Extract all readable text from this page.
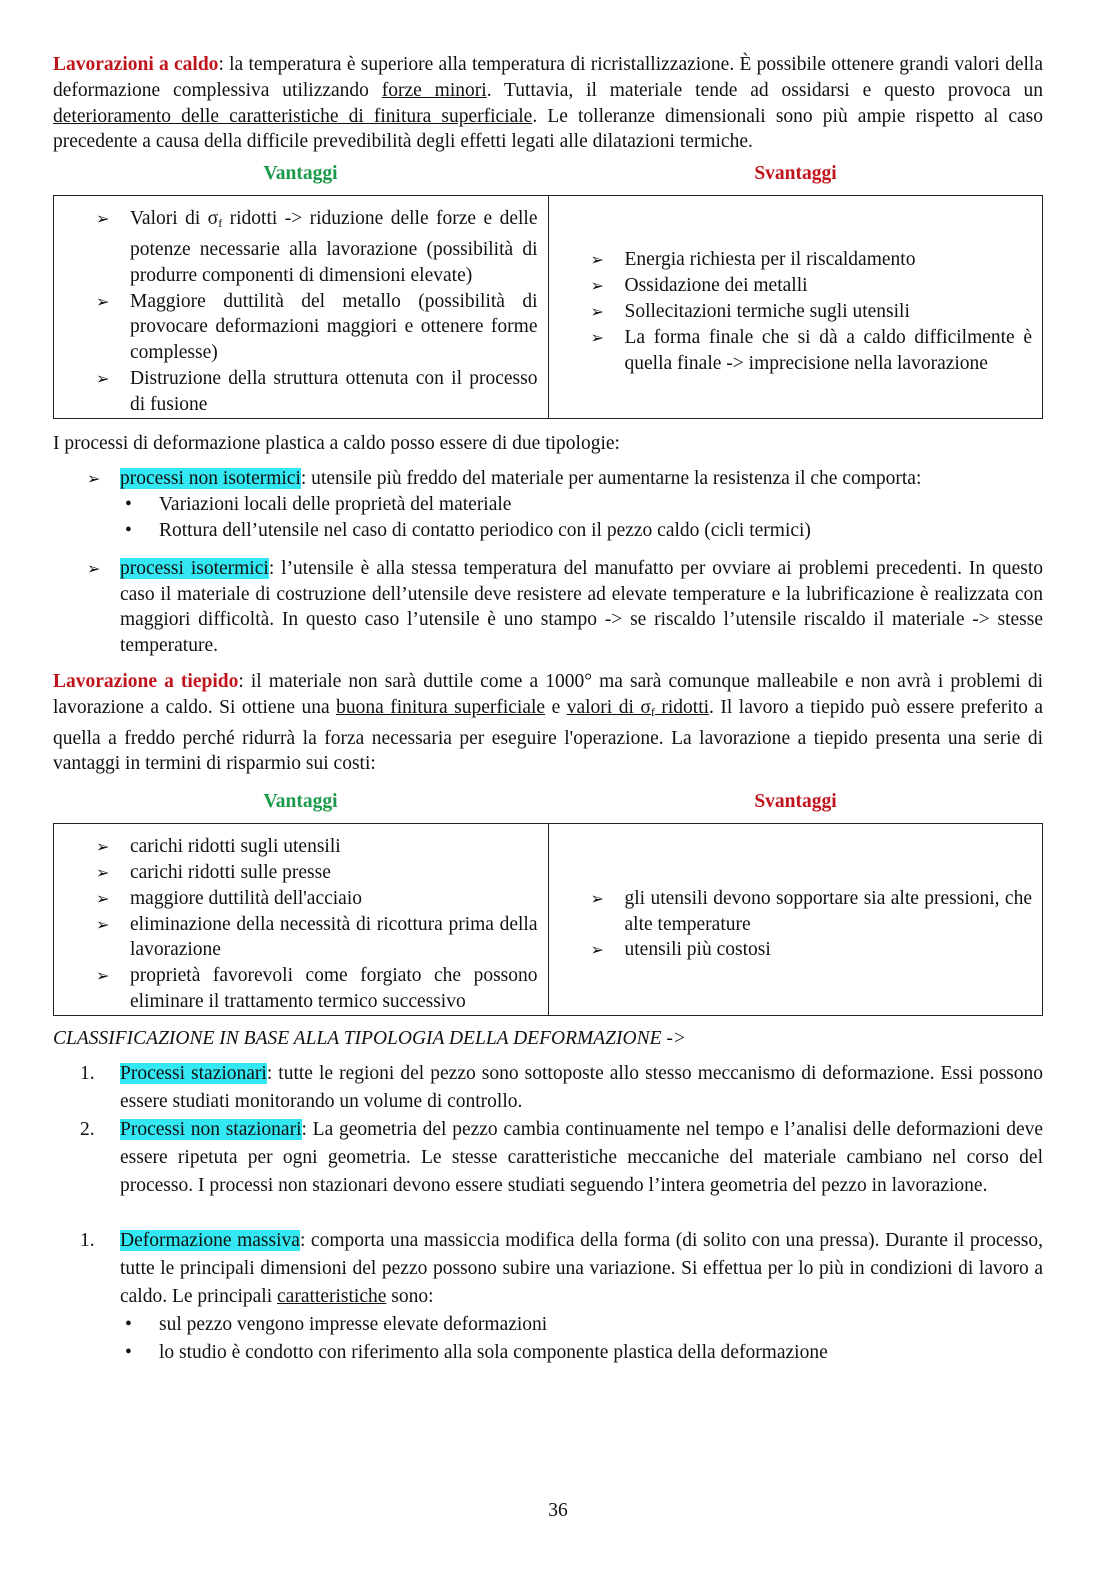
Lavorazioni a caldo: la temperatura è superiore alla temperatura di ricristallizzazione. È possibile ottenere grandi valori della deformazione complessiva utilizzando forze minori. Tuttavia, il materiale tende ad ossidarsi e questo provoca un deterioramento delle caratteristiche di finitura superficiale. Le tolleranze dimensionali sono più ampie rispetto al caso precedente a causa della difficile prevedibilità degli effetti legati alle dilatazioni termiche.

Vantaggi	Svantaggi
➢ Valori di $\sigma_f$ ridotti -> riduzione delle forze e delle potenze necessarie alla lavorazione (possibilità di produrre componenti di dimensioni elevate)
➢ Maggiore duttilità del metallo (possibilità di provocare deformazioni maggiori e ottenere forme complesse)
➢ Distruzione della struttura ottenuta con il processo di fusione

➢ Energia richiesta per il riscaldamento
➢ Ossidazione dei metalli
➢ Sollecitazioni termiche sugli utensili
➢ La forma finale che si dà a caldo difficilmente è quella finale -> imprecisione nella lavorazione

I processi di deformazione plastica a caldo posso essere di due tipologie:

➢ processi non isotermici: utensile più freddo del materiale per aumentarne la resistenza il che comporta:
• Variazioni locali delle proprietà del materiale
• Rottura dell’utensile nel caso di contatto periodico con il pezzo caldo (cicli termici)
➢ processi isotermici: l’utensile è alla stessa temperatura del manufatto per ovviare ai problemi precedenti. In questo caso il materiale di costruzione dell’utensile deve resistere ad elevate temperature e la lubrificazione è realizzata con maggiori difficoltà. In questo caso l’utensile è uno stampo -> se riscaldo l’utensile riscaldo il materiale -> stesse temperature.

Lavorazione a tiepido: il materiale non sarà duttile come a 1000° ma sarà comunque malleabile e non avrà i problemi di lavorazione a caldo. Si ottiene una buona finitura superficiale e valori di $\sigma_f$ ridotti. Il lavoro a tiepido può essere preferito a quella a freddo perché ridurrà la forza necessaria per eseguire l'operazione. La lavorazione a tiepido presenta una serie di vantaggi in termini di risparmio sui costi:

Vantaggi	Svantaggi
➢ carichi ridotti sugli utensili
➢ carichi ridotti sulle presse
➢ maggiore duttilità dell'acciaio
➢ eliminazione della necessità di ricottura prima della lavorazione
➢ proprietà favorevoli come forgiato che possono eliminare il trattamento termico successivo

➢ gli utensili devono sopportare sia alte pressioni, che alte temperature
➢ utensili più costosi

CLASSIFICAZIONE IN BASE ALLA TIPOLOGIA DELLA DEFORMAZIONE ->

1. Processi stazionari: tutte le regioni del pezzo sono sottoposte allo stesso meccanismo di deformazione. Essi possono essere studiati monitorando un volume di controllo.
2. Processi non stazionari: La geometria del pezzo cambia continuamente nel tempo e l’analisi delle deformazioni deve essere ripetuta per ogni geometria. Le stesse caratteristiche meccaniche del materiale cambiano nel corso del processo. I processi non stazionari devono essere studiati seguendo l’intera geometria del pezzo in lavorazione.
1. Deformazione massiva: comporta una massiccia modifica della forma (di solito con una pressa). Durante il processo, tutte le principali dimensioni del pezzo possono subire una variazione. Si effettua per lo più in condizioni di lavoro a caldo. Le principali caratteristiche sono:
• sul pezzo vengono impresse elevate deformazioni
• lo studio è condotto con riferimento alla sola componente plastica della deformazione
36
